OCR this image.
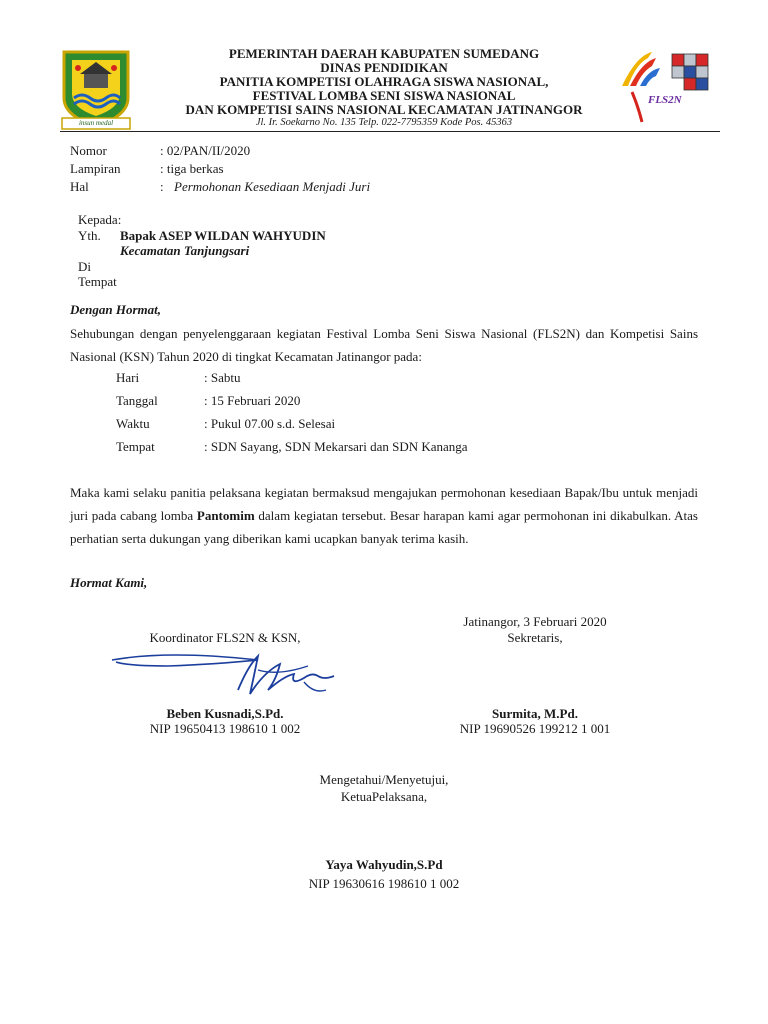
insun medal
FLS2N
PEMERINTAH DAERAH KABUPATEN SUMEDANG
DINAS PENDIDIKAN
PANITIA KOMPETISI OLAHRAGA SISWA NASIONAL,
FESTIVAL LOMBA SENI SISWA NASIONAL
DAN KOMPETISI SAINS NASIONAL KECAMATAN JATINANGOR
Jl. Ir. Soekarno No. 135 Telp. 022-7795359 Kode Pos. 45363
Nomor	: 02/PAN/II/2020
Lampiran	: tiga berkas
Hal	: Permohonan Kesediaan Menjadi Juri
Kepada:
Yth. Bapak ASEP WILDAN WAHYUDIN
Kecamatan Tanjungsari
Di
Tempat
Dengan Hormat,
Sehubungan dengan penyelenggaraan kegiatan Festival Lomba Seni Siswa Nasional (FLS2N) dan Kompetisi Sains Nasional (KSN) Tahun 2020 di tingkat Kecamatan Jatinangor pada:
Hari	: Sabtu
Tanggal	: 15 Februari 2020
Waktu	: Pukul 07.00 s.d. Selesai
Tempat	: SDN Sayang, SDN Mekarsari dan SDN Kananga
Maka kami selaku panitia pelaksana kegiatan bermaksud mengajukan permohonan kesediaan Bapak/Ibu untuk menjadi juri pada cabang lomba Pantomim dalam kegiatan tersebut. Besar harapan kami agar permohonan ini dikabulkan. Atas perhatian serta dukungan yang diberikan kami ucapkan banyak terima kasih.
Hormat Kami,
Jatinangor, 3 Februari 2020
Sekretaris,
Koordinator FLS2N & KSN,
Beben Kusnadi,S.Pd.
NIP 19650413 198610 1 002
Surmita, M.Pd.
NIP 19690526 199212 1 001
Mengetahui/Menyetujui,
KetuaPelaksana,
Yaya Wahyudin,S.Pd
NIP 19630616 198610 1 002
